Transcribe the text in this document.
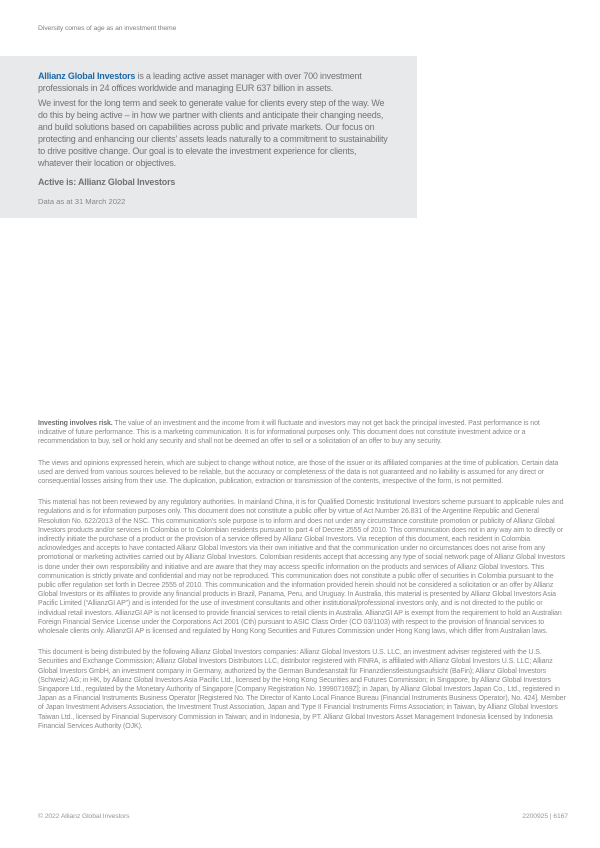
Diversity comes of age as an investment theme

Allianz Global Investors is a leading active asset manager with over 700 investment professionals in 24 offices worldwide and managing EUR 637 billion in assets.

We invest for the long term and seek to generate value for clients every step of the way. We do this by being active – in how we partner with clients and anticipate their changing needs, and build solutions based on capabilities across public and private markets. Our focus on protecting and enhancing our clients’ assets leads naturally to a commitment to sustainability to drive positive change. Our goal is to elevate the investment experience for clients, whatever their location or objectives.

Active is: Allianz Global Investors

Data as at 31 March 2022

Investing involves risk. The value of an investment and the income from it will fluctuate and investors may not get back the principal invested. Past performance is not indicative of future performance. This is a marketing communication. It is for informational purposes only. This document does not constitute investment advice or a recommendation to buy, sell or hold any security and shall not be deemed an offer to sell or a solicitation of an offer to buy any security.

The views and opinions expressed herein, which are subject to change without notice, are those of the issuer or its affiliated companies at the time of publication. Certain data used are derived from various sources believed to be reliable, but the accuracy or completeness of the data is not guaranteed and no liability is assumed for any direct or consequential losses arising from their use. The duplication, publication, extraction or transmission of the contents, irrespective of the form, is not permitted.

This material has not been reviewed by any regulatory authorities. In mainland China, it is for Qualified Domestic Institutional Investors scheme pursuant to applicable rules and regulations and is for information purposes only. This document does not constitute a public offer by virtue of Act Number 26.831 of the Argentine Republic and General Resolution No. 622/2013 of the NSC. This communication’s sole purpose is to inform and does not under any circumstance constitute promotion or publicity of Allianz Global Investors products and/or services in Colombia or to Colombian residents pursuant to part 4 of Decree 2555 of 2010. This communication does not in any way aim to directly or indirectly initiate the purchase of a product or the provision of a service offered by Allianz Global Investors. Via reception of this document, each resident in Colombia acknowledges and accepts to have contacted Allianz Global Investors via their own initiative and that the communication under no circumstances does not arise from any promotional or marketing activities carried out by Allianz Global Investors. Colombian residents accept that accessing any type of social network page of Allianz Global Investors is done under their own responsibility and initiative and are aware that they may access specific information on the products and services of Allianz Global Investors. This communication is strictly private and confidential and may not be reproduced. This communication does not constitute a public offer of securities in Colombia pursuant to the public offer regulation set forth in Decree 2555 of 2010. This communication and the information provided herein should not be considered a solicitation or an offer by Allianz Global Investors or its affiliates to provide any financial products in Brazil, Panama, Peru, and Uruguay. In Australia, this material is presented by Allianz Global Investors Asia Pacific Limited (“AllianzGI AP”) and is intended for the use of investment consultants and other institutional/professional investors only, and is not directed to the public or individual retail investors. AllianzGI AP is not licensed to provide financial services to retail clients in Australia. AllianzGI AP is exempt from the requirement to hold an Australian Foreign Financial Service License under the Corporations Act 2001 (Cth) pursuant to ASIC Class Order (CO 03/1103) with respect to the provision of financial services to wholesale clients only. AllianzGI AP is licensed and regulated by Hong Kong Securities and Futures Commission under Hong Kong laws, which differ from Australian laws.

This document is being distributed by the following Allianz Global Investors companies: Allianz Global Investors U.S. LLC, an investment adviser registered with the U.S. Securities and Exchange Commission; Allianz Global Investors Distributors LLC, distributor registered with FINRA, is affiliated with Allianz Global Investors U.S. LLC; Allianz Global Investors GmbH, an investment company in Germany, authorized by the German Bundesanstalt für Finanzdienstleistungsaufsicht (BaFin); Allianz Global Investors (Schweiz) AG; in HK, by Allianz Global Investors Asia Pacific Ltd., licensed by the Hong Kong Securities and Futures Commission; in Singapore, by Allianz Global Investors Singapore Ltd., regulated by the Monetary Authority of Singapore [Company Registration No. 199907169Z]; in Japan, by Allianz Global Investors Japan Co., Ltd., registered in Japan as a Financial Instruments Business Operator [Registered No. The Director of Kanto Local Finance Bureau (Financial Instruments Business Operator), No. 424], Member of Japan Investment Advisers Association, the Investment Trust Association, Japan and Type II Financial Instruments Firms Association; in Taiwan, by Allianz Global Investors Taiwan Ltd., licensed by Financial Supervisory Commission in Taiwan; and in Indonesia, by PT. Allianz Global Investors Asset Management Indonesia licensed by Indonesia Financial Services Authority (OJK).

© 2022 Allianz Global Investors	2200925 | 6167
